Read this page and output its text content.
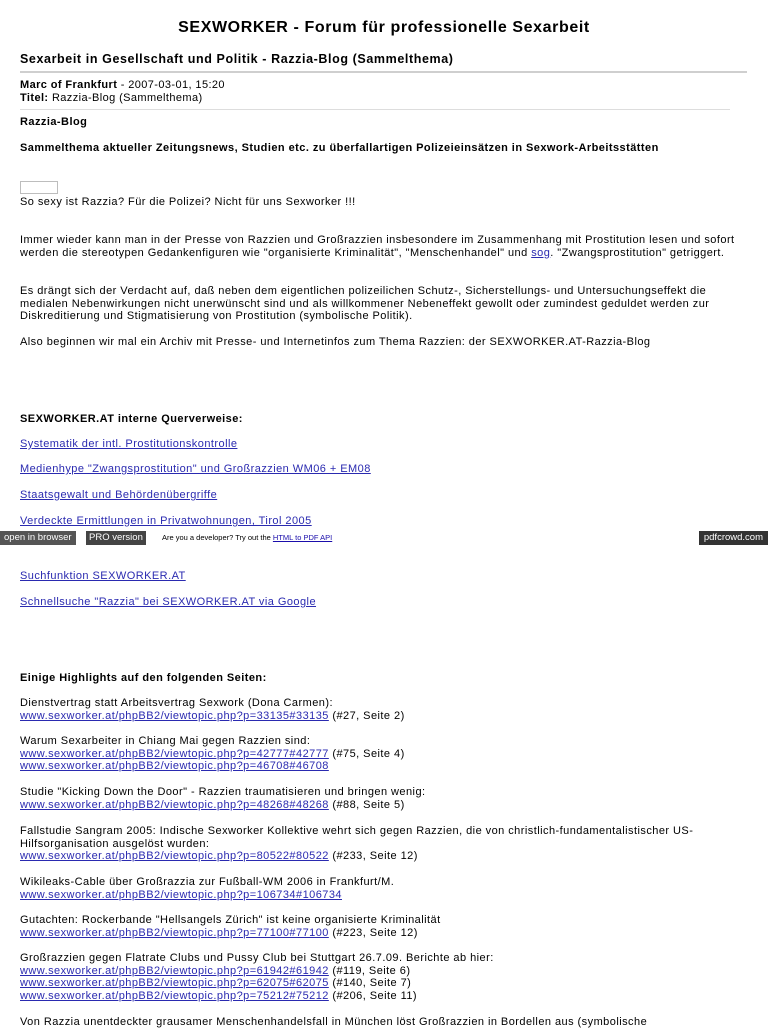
SEXWORKER - Forum für professionelle Sexarbeit
Sexarbeit in Gesellschaft und Politik - Razzia-Blog (Sammelthema)
Marc of Frankfurt - 2007-03-01, 15:20
Titel: Razzia-Blog (Sammelthema)
Razzia-Blog
Sammelthema aktueller Zeitungsnews, Studien etc. zu überfallartigen Polizeieinsätzen in Sexwork-Arbeitsstätten
So sexy ist Razzia? Für die Polizei? Nicht für uns Sexworker !!!
Immer wieder kann man in der Presse von Razzien und Großrazzien insbesondere im Zusammenhang mit Prostitution lesen und sofort werden die stereotypen Gedankenfiguren wie "organisierte Kriminalität", "Menschenhandel" und sog. "Zwangsprostitution" getriggert.
Es drängt sich der Verdacht auf, daß neben dem eigentlichen polizeilichen Schutz-, Sicherstellungs- und Untersuchungseffekt die medialen Nebenwirkungen nicht unerwünscht sind und als willkommener Nebeneffekt gewollt oder zumindest geduldet werden zur Diskreditierung und Stigmatisierung von Prostitution (symbolische Politik).
Also beginnen wir mal ein Archiv mit Presse- und Internetinfos zum Thema Razzien: der SEXWORKER.AT-Razzia-Blog
SEXWORKER.AT interne Querverweise:
Systematik der intl. Prostitutionskontrolle
Medienhype "Zwangsprostitution" und Großrazzien WM06 + EM08
Staatsgewalt und Behördenübergriffe
Verdeckte Ermittlungen in Privatwohnungen, Tirol 2005
Suchfunktion SEXWORKER.AT
Schnellsuche "Razzia" bei SEXWORKER.AT via Google
Einige Highlights auf den folgenden Seiten:
Dienstvertrag statt Arbeitsvertrag Sexwork (Dona Carmen):
www.sexworker.at/phpBB2/viewtopic.php?p=33135#33135 (#27, Seite 2)
Warum Sexarbeiter in Chiang Mai gegen Razzien sind:
www.sexworker.at/phpBB2/viewtopic.php?p=42777#42777 (#75, Seite 4)
www.sexworker.at/phpBB2/viewtopic.php?p=46708#46708
Studie "Kicking Down the Door" - Razzien traumatisieren und bringen wenig:
www.sexworker.at/phpBB2/viewtopic.php?p=48268#48268 (#88, Seite 5)
Fallstudie Sangram 2005: Indische Sexworker Kollektive wehrt sich gegen Razzien, die von christlich-fundamentalistischer US-Hilfsorganisation ausgelöst wurden:
www.sexworker.at/phpBB2/viewtopic.php?p=80522#80522 (#233, Seite 12)
Wikileaks-Cable über Großrazzia zur Fußball-WM 2006 in Frankfurt/M.
www.sexworker.at/phpBB2/viewtopic.php?p=106734#106734
Gutachten: Rockerbande "Hellsangels Zürich" ist keine organisierte Kriminalität
www.sexworker.at/phpBB2/viewtopic.php?p=77100#77100 (#223, Seite 12)
Großrazzien gegen Flatrate Clubs und Pussy Club bei Stuttgart 26.7.09. Berichte ab hier:
www.sexworker.at/phpBB2/viewtopic.php?p=61942#61942 (#119, Seite 6)
www.sexworker.at/phpBB2/viewtopic.php?p=62075#62075 (#140, Seite 7)
www.sexworker.at/phpBB2/viewtopic.php?p=75212#75212 (#206, Seite 11)
Von Razzia unentdeckter grausamer Menschenhandelsfall in München löst Großrazzien in Bordellen aus (symbolische
open in browser	PRO version	Are you a developer? Try out the HTML to PDF API	pdfcrowd.com
